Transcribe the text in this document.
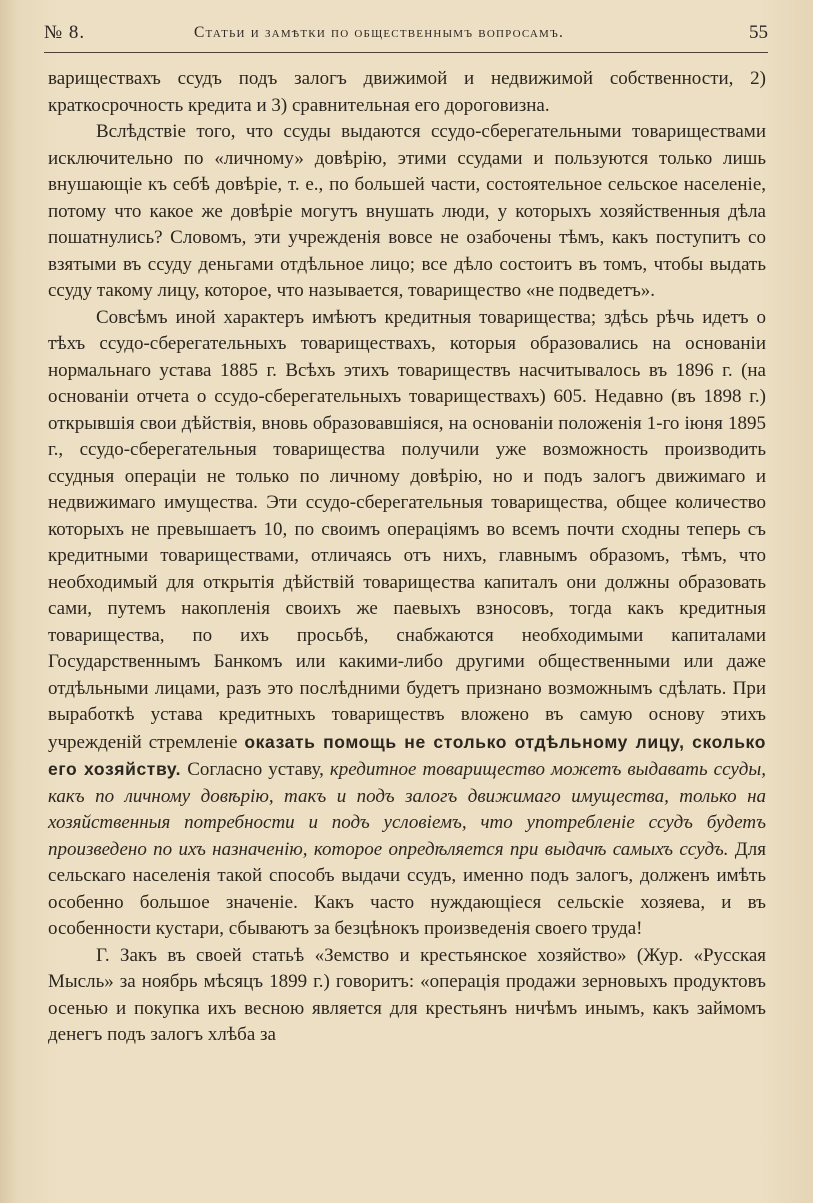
№ 8.	Статьи и замѣтки по общественнымъ вопросамъ.	55

вариществахъ ссудъ подъ залогъ движимой и недвижимой собственности, 2) краткосрочность кредита и 3) сравнительная его дороговизна.

Вслѣдствіе того, что ссуды выдаются ссудо-сберегательными товариществами исключительно по «личному» довѣрію, этими ссудами и пользуются только лишь внушающіе къ себѣ довѣріе, т. е., по большей части, состоятельное сельское населеніе, потому что какое же довѣріе могутъ внушать люди, у которыхъ хозяйственныя дѣла пошатнулись? Словомъ, эти учрежденія вовсе не озабочены тѣмъ, какъ поступитъ со взятыми въ ссуду деньгами отдѣльное лицо; все дѣло состоитъ въ томъ, чтобы выдать ссуду такому лицу, которое, что называется, товарищество «не подведетъ».

Совсѣмъ иной характеръ имѣютъ кредитныя товарищества; здѣсь рѣчь идетъ о тѣхъ ссудо-сберегательныхъ товариществахъ, которыя образовались на основаніи нормальнаго устава 1885 г. Всѣхъ этихъ товариществъ насчитывалось въ 1896 г. (на основаніи отчета о ссудо-сберегательныхъ товариществахъ) 605. Недавно (въ 1898 г.) открывшія свои дѣйствія, вновь образовавшіяся, на основаніи положенія 1-го іюня 1895 г., ссудо-сберегательныя товарищества получили уже возможность производить ссудныя операціи не только по личному довѣрію, но и подъ залогъ движимаго и недвижимаго имущества. Эти ссудо-сберегательныя товарищества, общее количество которыхъ не превышаетъ 10, по своимъ операціямъ во всемъ почти сходны теперь съ кредитными товариществами, отличаясь отъ нихъ, главнымъ образомъ, тѣмъ, что необходимый для открытія дѣйствій товарищества капиталъ они должны образовать сами, путемъ накопленія своихъ же паевыхъ взносовъ, тогда какъ кредитныя товарищества, по ихъ просьбѣ, снабжаются необходимыми капиталами Государственнымъ Банкомъ или какими-либо другими общественными или даже отдѣльными лицами, разъ это послѣдними будетъ признано возможнымъ сдѣлать. При выработкѣ устава кредитныхъ товариществъ вложено въ самую основу этихъ учрежденій стремленіе оказать помощь не столько отдѣльному лицу, сколько его хозяйству. Согласно уставу, кредитное товарищество можетъ выдавать ссуды, какъ по личному довѣрію, такъ и подъ залогъ движимаго имущества, только на хозяйственныя потребности и подъ условіемъ, что употребленіе ссудъ будетъ произведено по ихъ назначенію, которое опредѣляется при выдачѣ самыхъ ссудъ. Для сельскаго населенія такой способъ выдачи ссудъ, именно подъ залогъ, долженъ имѣть особенно большое значеніе. Какъ часто нуждающіеся сельскіе хозяева, и въ особенности кустари, сбываютъ за безцѣнокъ произведенія своего труда!

Г. Закъ въ своей статьѣ «Земство и крестьянское хозяйство» (Жур. «Русская Мысль» за ноябрь мѣсяцъ 1899 г.) говоритъ: «операція продажи зерновыхъ продуктовъ осенью и покупка ихъ весною является для крестьянъ ничѣмъ инымъ, какъ займомъ денегъ подъ залогъ хлѣба за
